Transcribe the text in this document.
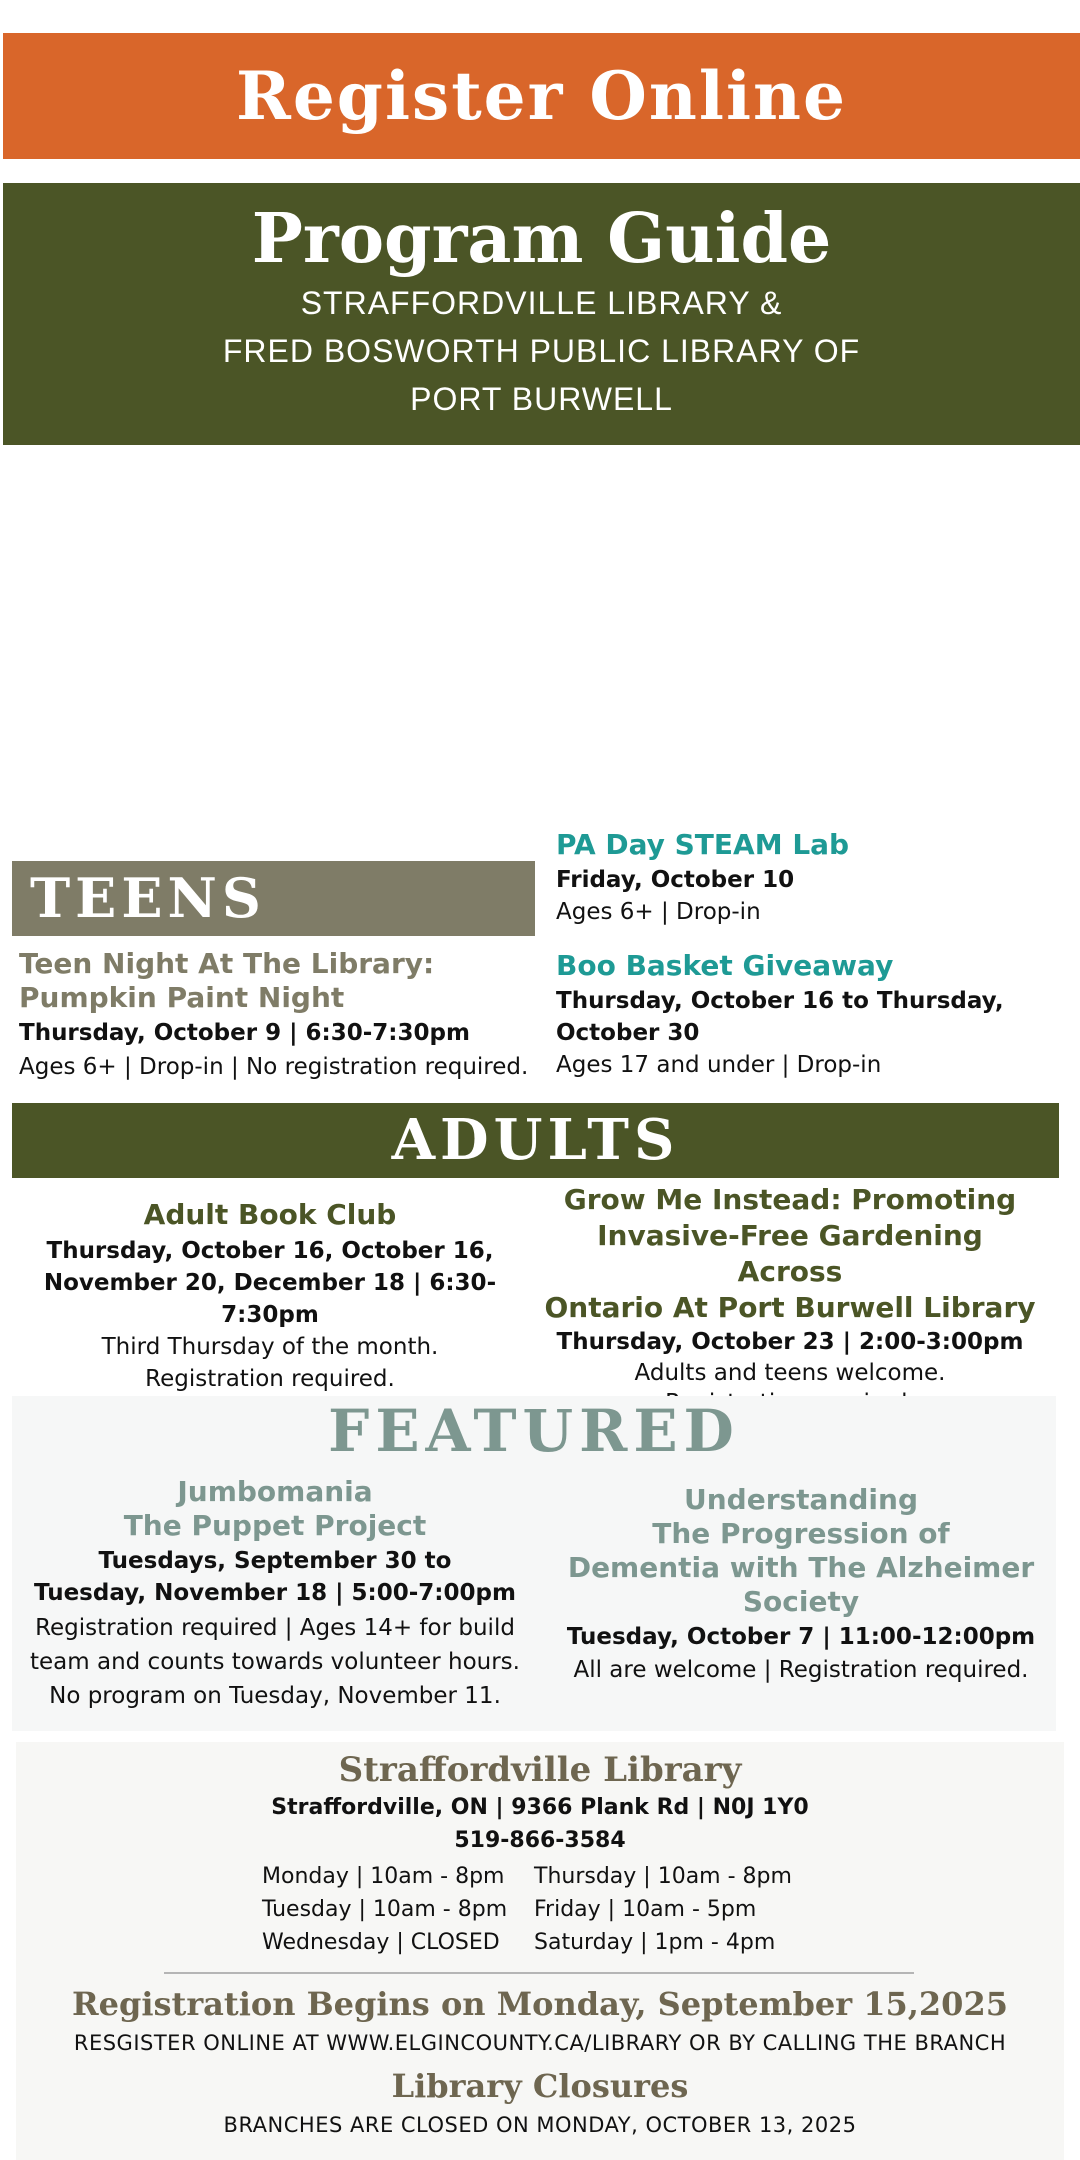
Register Online
Program Guide
STRAFFORDVILLE LIBRARY &
FRED BOSWORTH PUBLIC LIBRARY OF
PORT BURWELL
PA Day STEAM Lab
Friday, October 10
Ages 6+ | Drop-in
Boo Basket Giveaway
Thursday, October 16 to Thursday,
October 30
Ages 17 and under | Drop-in
TEENS
Teen Night At The Library:
Pumpkin Paint Night
Thursday, October 9 | 6:30-7:30pm
Ages 6+ | Drop-in | No registration required.
ADULTS
Adult Book Club
Thursday, October 16, October 16,
November 20, December 18 | 6:30-7:30pm
Third Thursday of the month.
Registration required.
Grow Me Instead: Promoting
Invasive-Free Gardening Across
Ontario At Port Burwell Library
Thursday, October 23 | 2:00-3:00pm
Adults and teens welcome.
FEATURED
Jumbomania
The Puppet Project
Tuesdays, September 30 to
Tuesday, November 18 | 5:00-7:00pm
Registration required | Ages 14+ for build
team and counts towards volunteer hours.
No program on Tuesday, November 11.
Understanding
The Progression of
Dementia with The Alzheimer
Society
Tuesday, October 7 | 11:00-12:00pm
All are welcome | Registration required.
Straffordville Library
Straffordville, ON | 9366 Plank Rd | N0J 1Y0
519-866-3584
Monday | 10am - 8pm
Tuesday | 10am - 8pm
Wednesday | CLOSED
Thursday | 10am - 8pm
Friday | 10am - 5pm
Saturday | 1pm - 4pm
Registration Begins on Monday, September 15,2025
RESGISTER ONLINE AT WWW.ELGINCOUNTY.CA/LIBRARY OR BY CALLING THE BRANCH
Library Closures
BRANCHES ARE CLOSED ON MONDAY, OCTOBER 13, 2025
